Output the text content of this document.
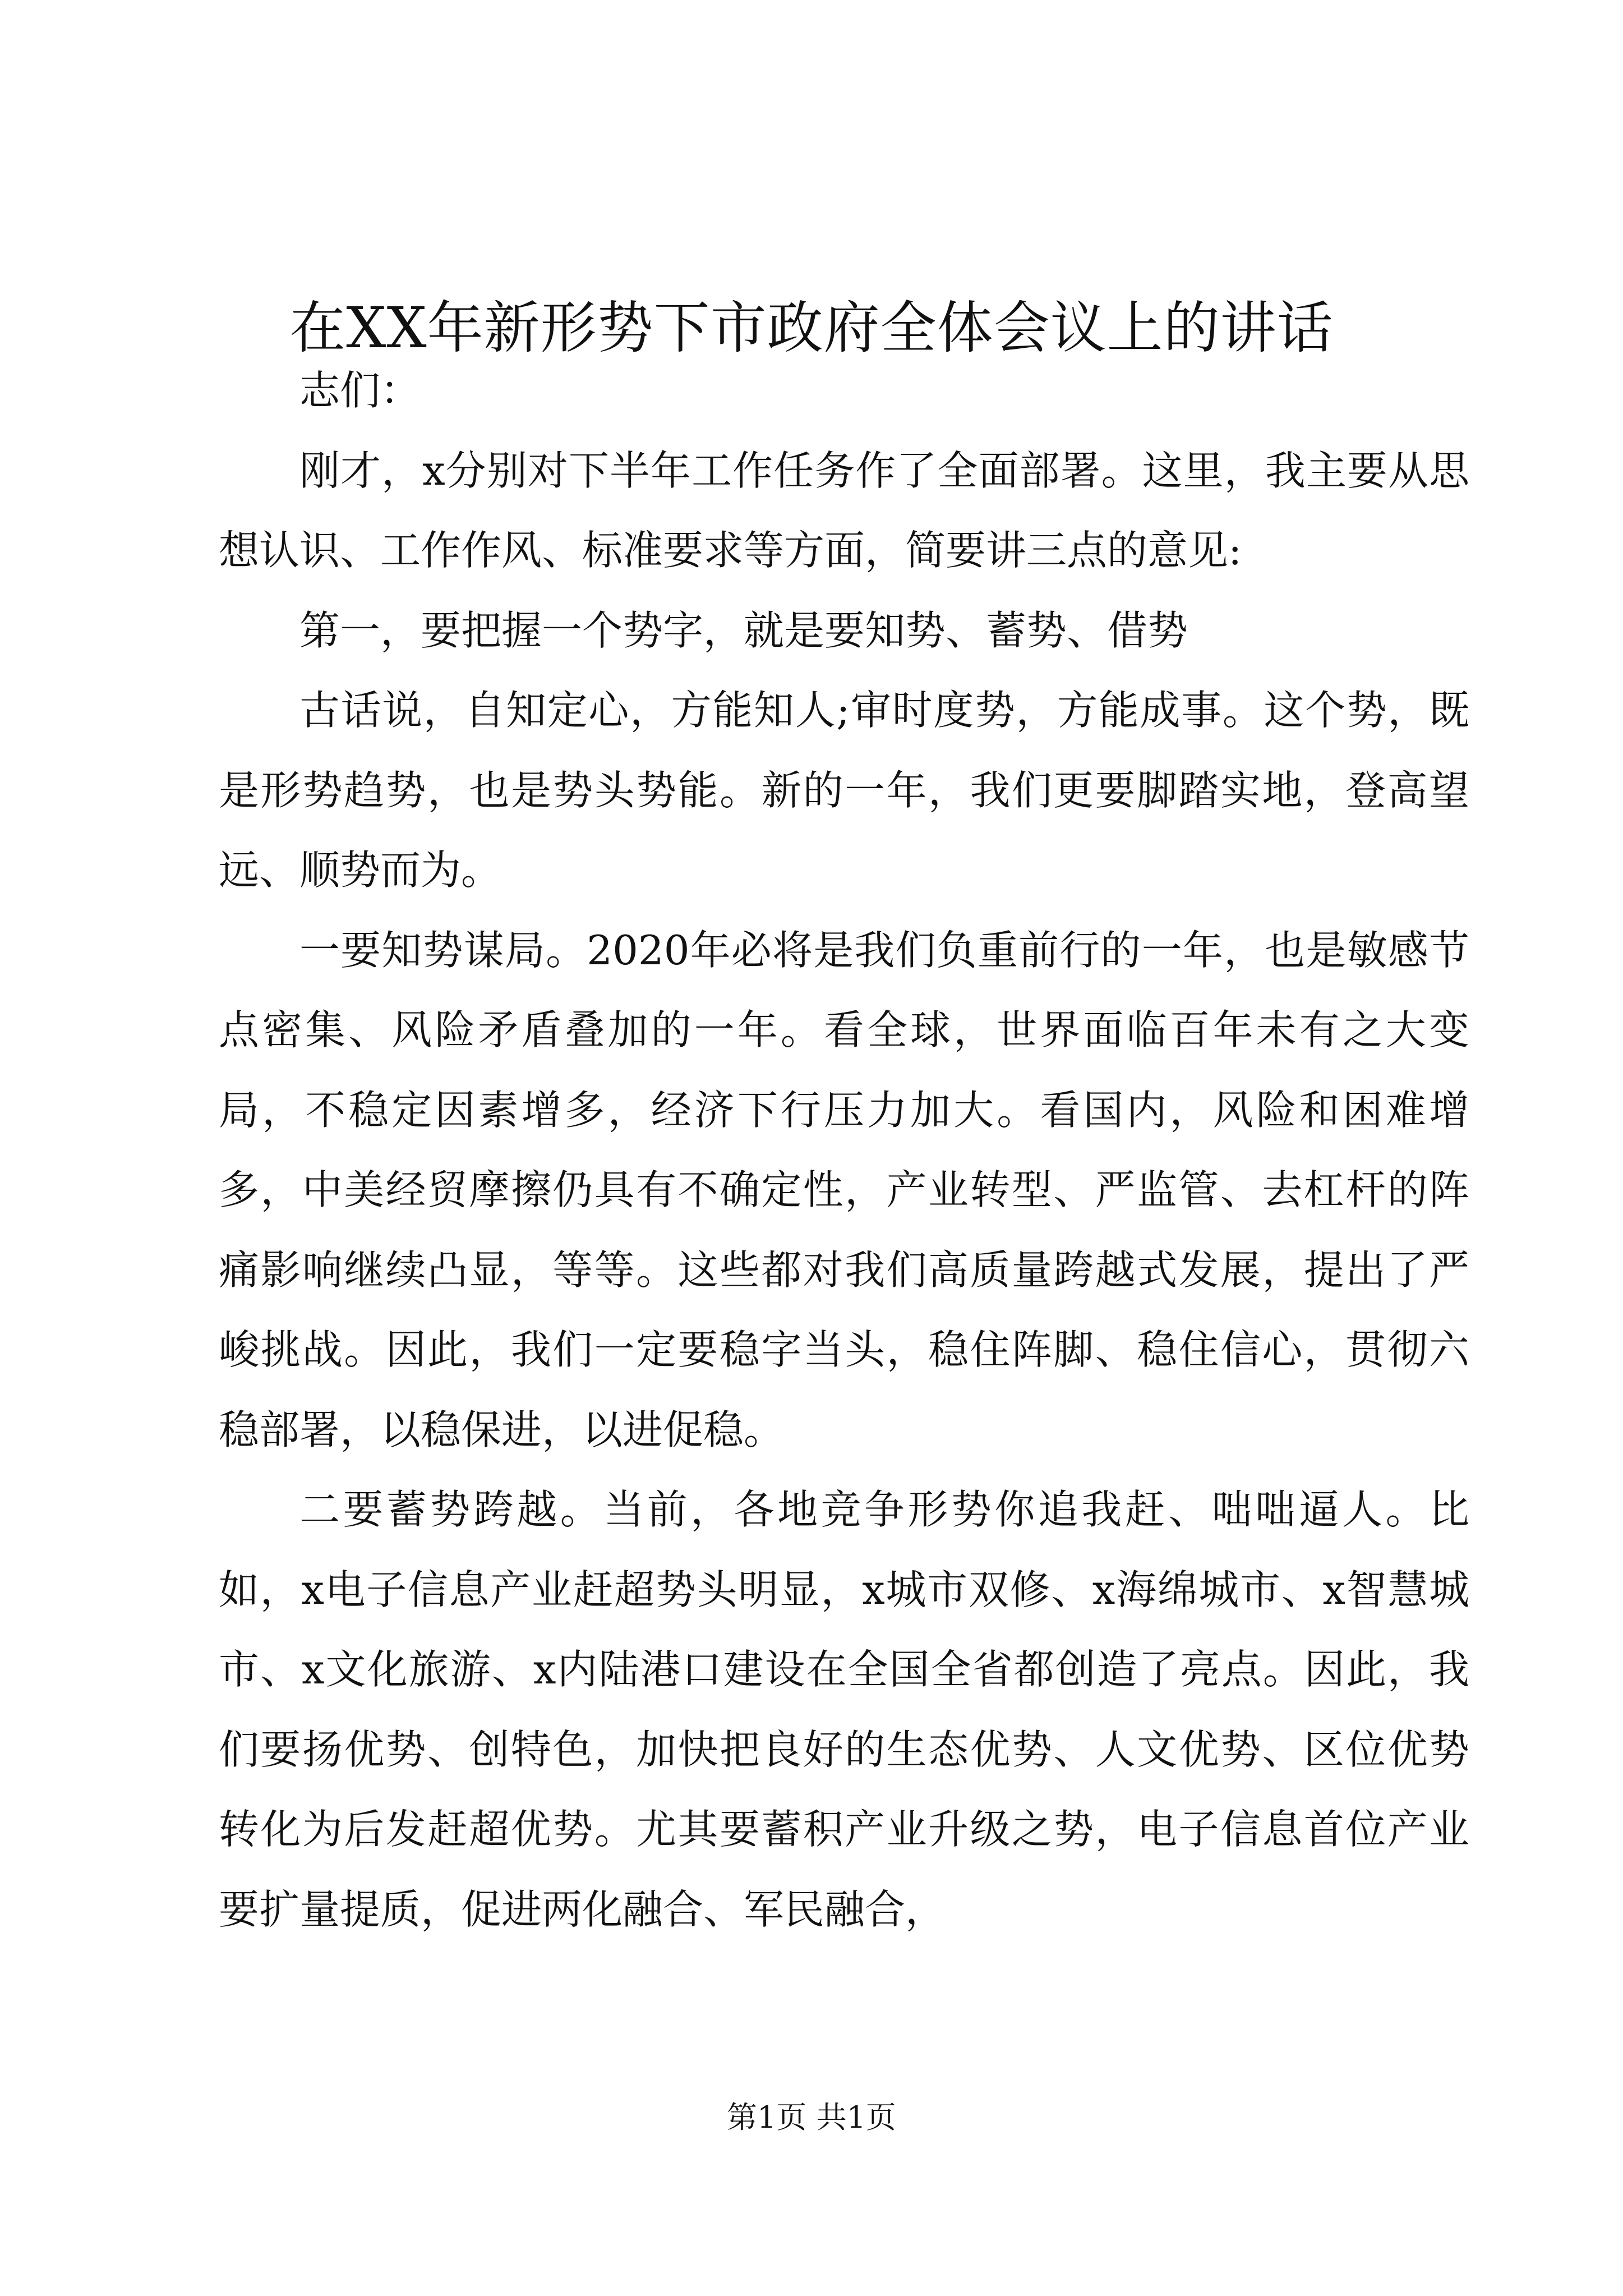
在XX年新形势下市政府全体会议上的讲话

志们：

刚才，x分别对下半年工作任务作了全面部署。这里，我主要从思想认识、工作作风、标准要求等方面，简要讲三点的意见:

第一，要把握一个势字，就是要知势、蓄势、借势

古话说，自知定心，方能知人;审时度势，方能成事。这个势，既是形势趋势，也是势头势能。新的一年，我们更要脚踏实地，登高望远、顺势而为。

一要知势谋局。2020年必将是我们负重前行的一年，也是敏感节点密集、风险矛盾叠加的一年。看全球，世界面临百年未有之大变局，不稳定因素增多，经济下行压力加大。看国内，风险和困难增多，中美经贸摩擦仍具有不确定性，产业转型、严监管、去杠杆的阵痛影响继续凸显，等等。这些都对我们高质量跨越式发展，提出了严峻挑战。因此，我们一定要稳字当头，稳住阵脚、稳住信心，贯彻六稳部署，以稳保进，以进促稳。

二要蓄势跨越。当前，各地竞争形势你追我赶、咄咄逼人。比如，x电子信息产业赶超势头明显，x城市双修、x海绵城市、x智慧城市、x文化旅游、x内陆港口建设在全国全省都创造了亮点。因此，我们要扬优势、创特色，加快把良好的生态优势、人文优势、区位优势转化为后发赶超优势。尤其要蓄积产业升级之势，电子信息首位产业要扩量提质，促进两化融合、军民融合，

第1页 共1页
